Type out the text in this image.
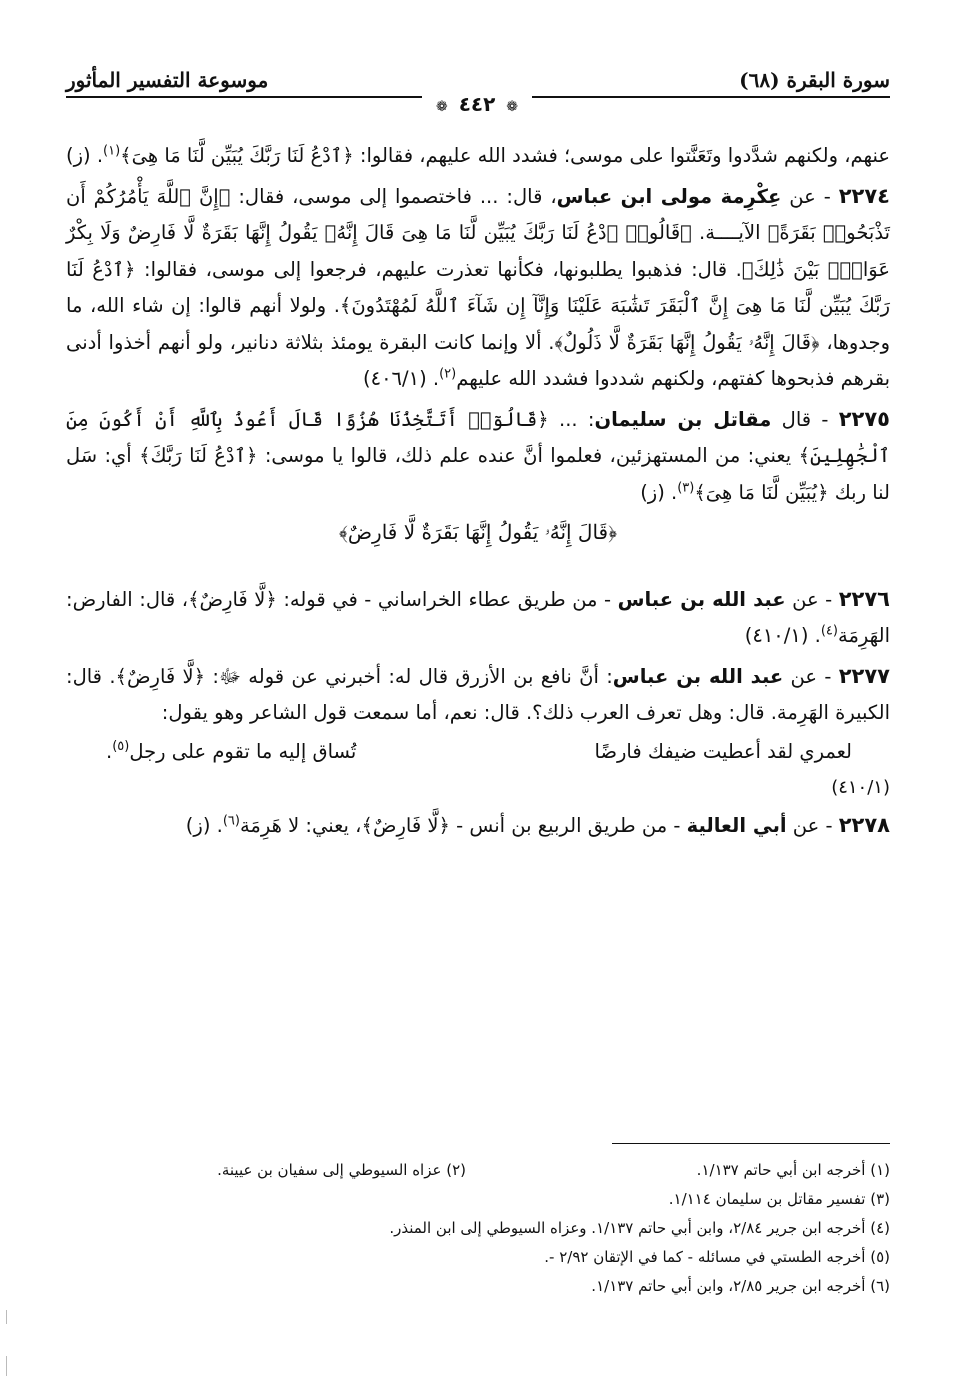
سورة البقرة (٦٨)
موسوعة التفسير المأثور
❁ ٤٤٢ ❁

عنهم، ولكنهم شدَّدوا وتَعَنَّتوا على موسى؛ فشدد الله عليهم، فقالوا: ﴿ٱدْعُ لَنَا رَبَّكَ يُبَيِّن لَّنَا مَا هِىَ﴾$^{(١)}$. (ز)

٢٢٧٤ - عن عِكْرِمة مولى ابن عباس، قال: ... فاختصموا إلى موسى، فقال: ﴿إِنَّ ٱللَّهَ يَأْمُرُكُمْ أَن تَذْبَحُوا۟ بَقَرَةً﴾ الآيــــة. ﴿قَالُوا۟ ٱدْعُ لَنَا رَبَّكَ يُبَيِّن لَّنَا مَا هِىَ قَالَ إِنَّهُۥ يَقُولُ إِنَّهَا بَقَرَةٌ لَّا فَارِضٌ وَلَا بِكْرٌ عَوَانٌۢ بَيْنَ ذَٰلِكَ﴾. قال: فذهبوا يطلبونها، فكأنها تعذرت عليهم، فرجعوا إلى موسى، فقالوا: ﴿ٱدْعُ لَنَا رَبَّكَ يُبَيِّن لَّنَا مَا هِىَ إِنَّ ٱلْبَقَرَ تَشَٰبَهَ عَلَيْنَا وَإِنَّآ إِن شَآءَ ٱللَّهُ لَمُهْتَدُونَ﴾. ولولا أنهم قالوا: إن شاء الله، ما وجدوها، ﴿قَالَ إِنَّهُۥ يَقُولُ إِنَّهَا بَقَرَةٌ لَّا ذَلُولٌ﴾. ألا وإنما كانت البقرة يومئذ بثلاثة دنانير، ولو أنهم أخذوا أدنى بقرهم فذبحوها كفتهم، ولكنهم شددوا فشدد الله عليهم$^{(٢)}$. (٤٠٦/١)

٢٢٧٥ - قال مقاتل بن سليمان: ... ﴿قَالُوٓا۟ أَتَتَّخِذُنَا هُزُوًا قَالَ أَعُوذُ بِٱللَّهِ أَنْ أَكُونَ مِنَ ٱلْجَٰهِلِينَ﴾ يعني: من المستهزئين، فعلموا أنَّ عنده علم ذلك، قالوا يا موسى: ﴿ٱدْعُ لَنَا رَبَّكَ﴾ أي: سَل لنا ربك ﴿يُبَيِّن لَّنَا مَا هِىَ﴾$^{(٣)}$. (ز)

﴿قَالَ إِنَّهُۥ يَقُولُ إِنَّهَا بَقَرَةٌ لَّا فَارِضٌ﴾

٢٢٧٦ - عن عبد الله بن عباس - من طريق عطاء الخراساني - في قوله: ﴿لَّا فَارِضٌ﴾، قال: الفارض: الهَرِمَة$^{(٤)}$. (٤١٠/١)

٢٢٧٧ - عن عبد الله بن عباس: أنَّ نافع بن الأزرق قال له: أخبرني عن قوله ﷻ: ﴿لَّا فَارِضٌ﴾. قال: الكبيرة الهَرِمة. قال: وهل تعرف العرب ذلك؟. قال: نعم، أما سمعت قول الشاعر وهو يقول:

لعمري لقد أعطيت ضيفك فارضًا
تُساق إليه ما تقوم على رجل(٥).
(٤١٠/١)

٢٢٧٨ - عن أبي العالية - من طريق الربيع بن أنس - ﴿لَّا فَارِضٌ﴾، يعني: لا هَرِمَة$^{(٦)}$. (ز)

(١) أخرجه ابن أبي حاتم ١/١٣٧.
(٢) عزاه السيوطي إلى سفيان بن عيينة.
(٣) تفسير مقاتل بن سليمان ١/١١٤.
(٤) أخرجه ابن جرير ٢/٨٤، وابن أبي حاتم ١/١٣٧. وعزاه السيوطي إلى ابن المنذر.
(٥) أخرجه الطستي في مسائله - كما في الإتقان ٢/٩٢ -.
(٦) أخرجه ابن جرير ٢/٨٥، وابن أبي حاتم ١/١٣٧.
